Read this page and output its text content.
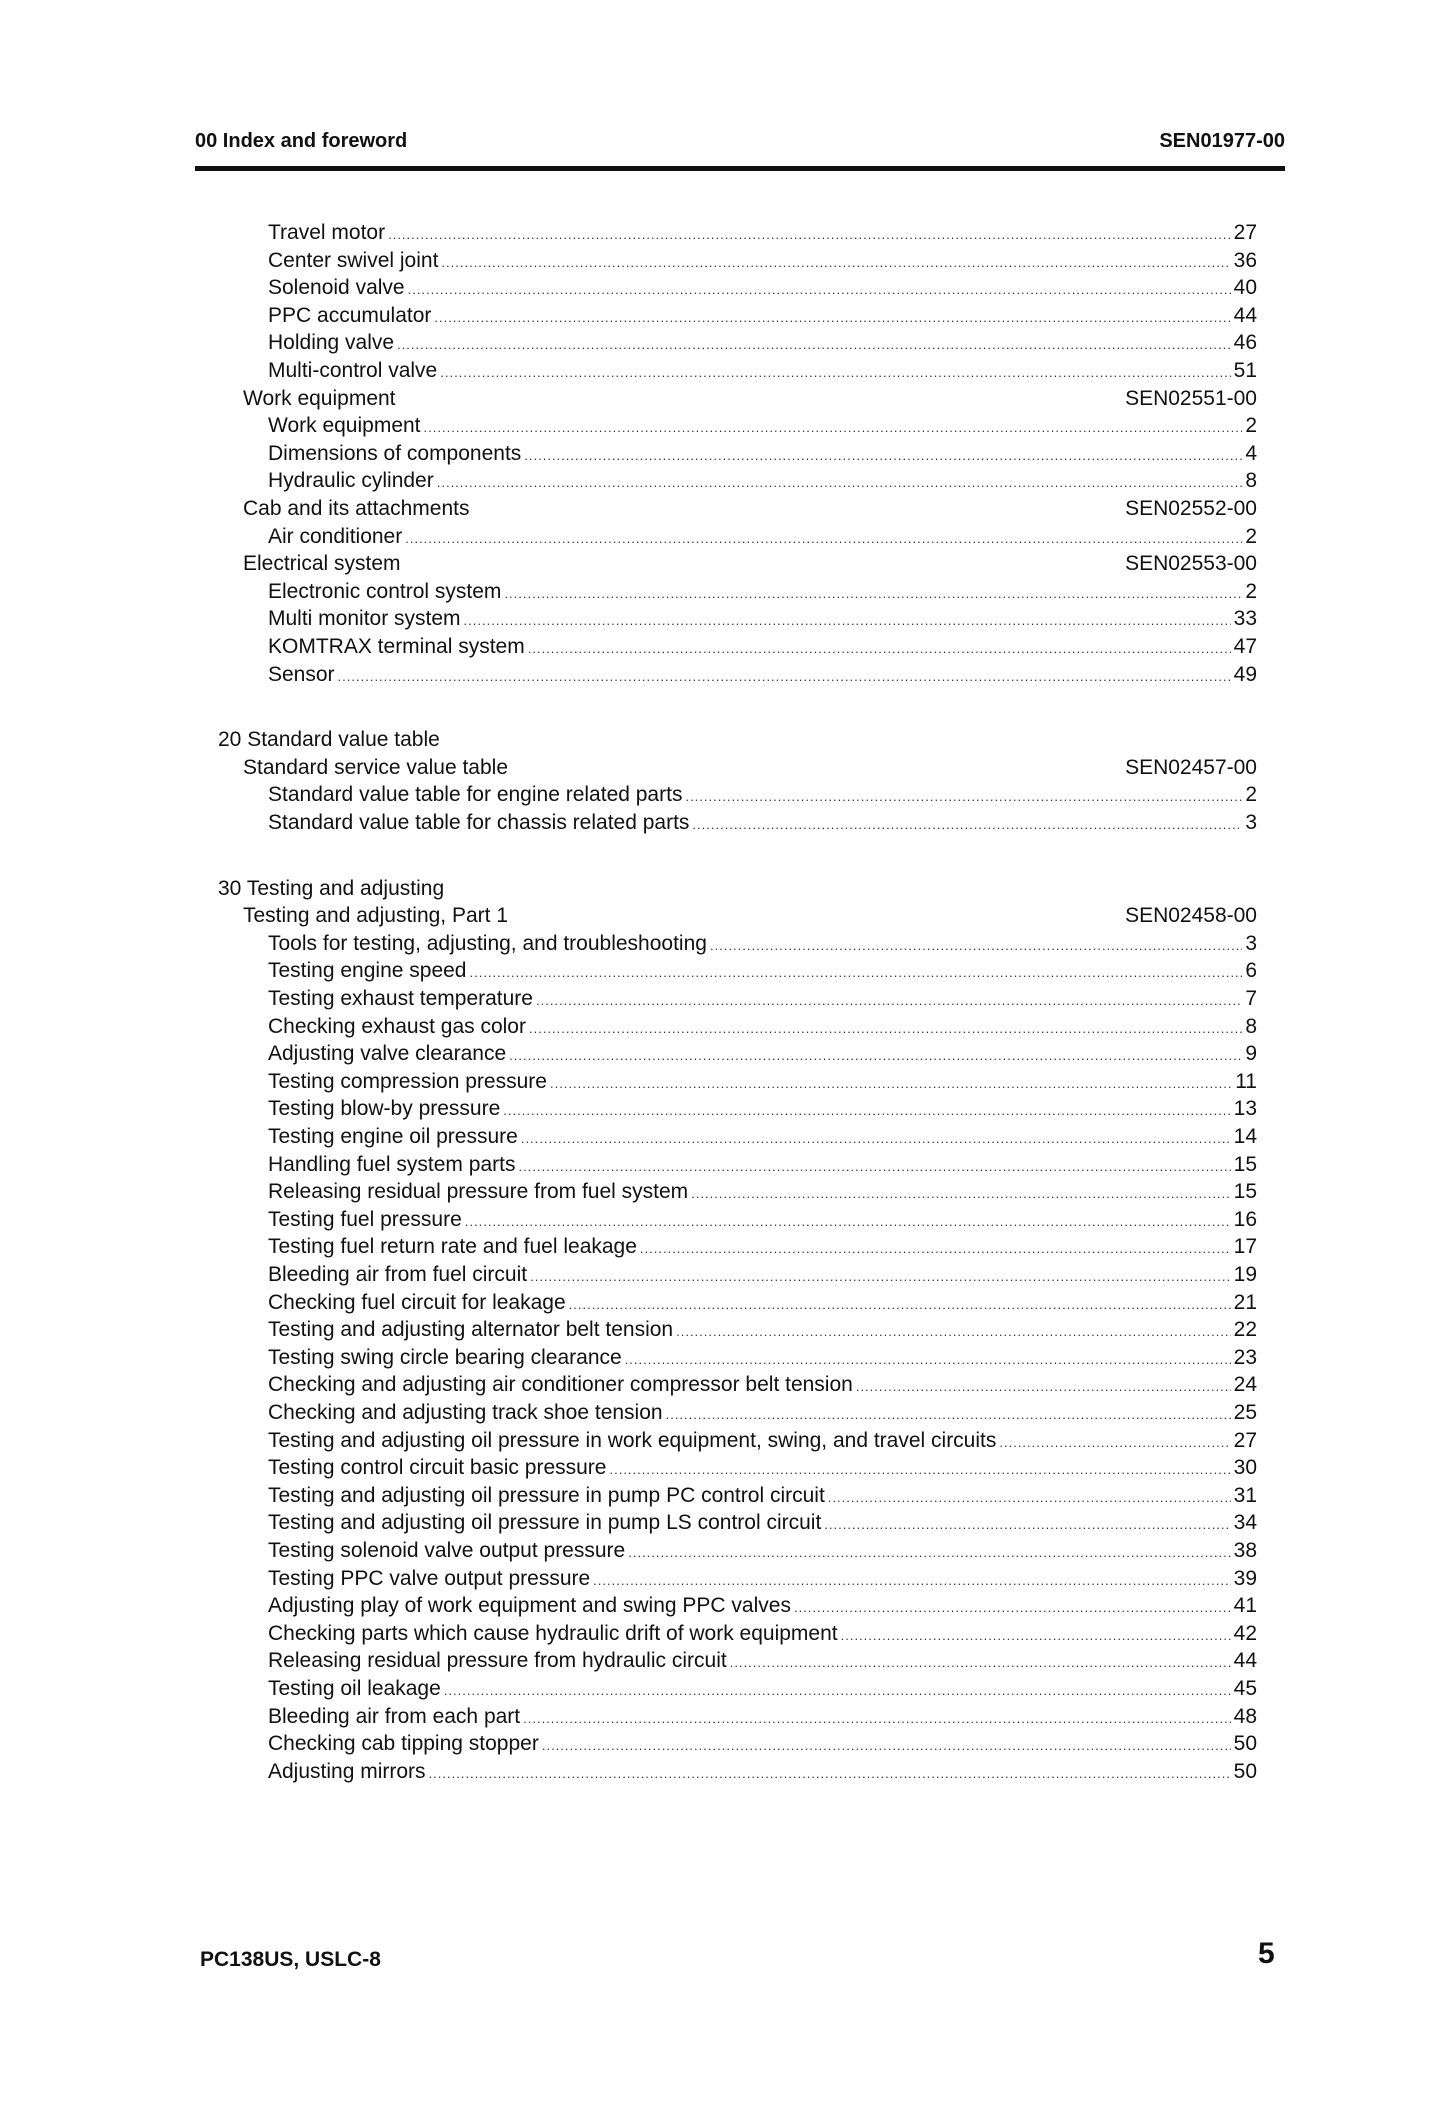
00 Index and foreword	SEN01977-00
Travel motor .....	27
Center swivel joint .....	36
Solenoid valve .....	40
PPC accumulator .....	44
Holding valve .....	46
Multi-control valve .....	51
Work equipment	SEN02551-00
Work equipment .....	2
Dimensions of components .....	4
Hydraulic cylinder .....	8
Cab and its attachments	SEN02552-00
Air conditioner .....	2
Electrical system	SEN02553-00
Electronic control system .....	2
Multi monitor system .....	33
KOMTRAX terminal system .....	47
Sensor .....	49
20 Standard value table
Standard service value table	SEN02457-00
Standard value table for engine related parts .....	2
Standard value table for chassis related parts .....	3
30 Testing and adjusting
Testing and adjusting, Part 1	SEN02458-00
Tools for testing, adjusting, and troubleshooting .....	3
Testing engine speed .....	6
Testing exhaust temperature .....	7
Checking exhaust gas color .....	8
Adjusting valve clearance .....	9
Testing compression pressure .....	11
Testing blow-by pressure .....	13
Testing engine oil pressure .....	14
Handling fuel system parts .....	15
Releasing residual pressure from fuel system .....	15
Testing fuel pressure .....	16
Testing fuel return rate and fuel leakage .....	17
Bleeding air from fuel circuit .....	19
Checking fuel circuit for leakage .....	21
Testing and adjusting alternator belt tension .....	22
Testing swing circle bearing clearance .....	23
Checking and adjusting air conditioner compressor belt tension .....	24
Checking and adjusting track shoe tension .....	25
Testing and adjusting oil pressure in work equipment, swing, and travel circuits .....	27
Testing control circuit basic pressure .....	30
Testing and adjusting oil pressure in pump PC control circuit .....	31
Testing and adjusting oil pressure in pump LS control circuit .....	34
Testing solenoid valve output pressure .....	38
Testing PPC valve output pressure .....	39
Adjusting play of work equipment and swing PPC valves .....	41
Checking parts which cause hydraulic drift of work equipment .....	42
Releasing residual pressure from hydraulic circuit .....	44
Testing oil leakage .....	45
Bleeding air from each part .....	48
Checking cab tipping stopper .....	50
Adjusting mirrors .....	50
PC138US, USLC-8	5
